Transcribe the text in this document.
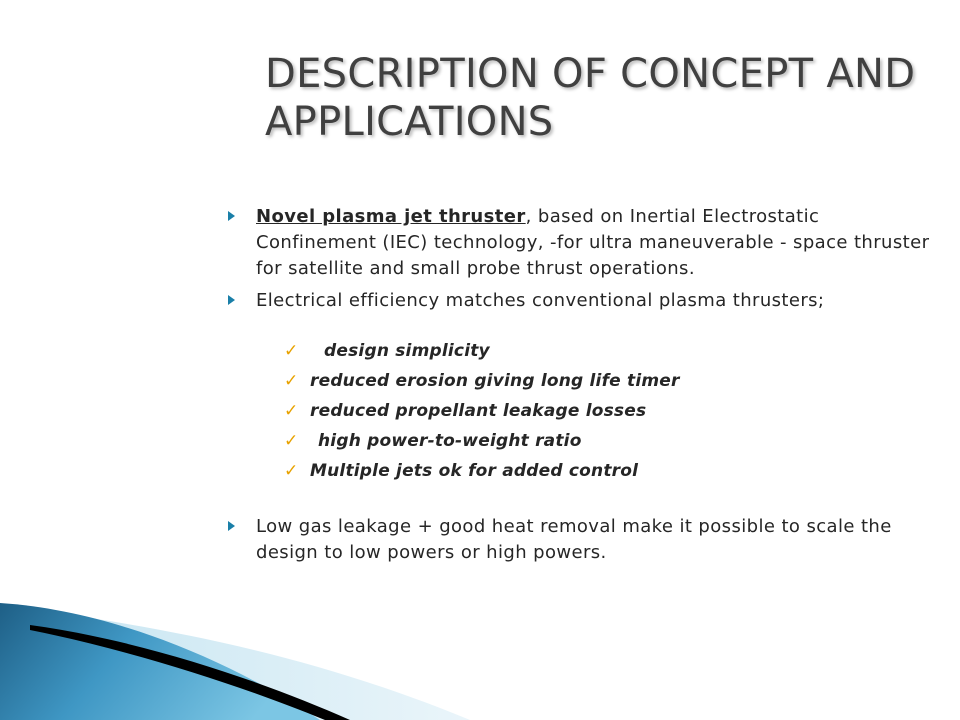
DESCRIPTION OF CONCEPT AND
APPLICATIONS
Novel plasma jet thruster, based on Inertial Electrostatic Confinement (IEC) technology, -for ultra maneuverable - space thruster for satellite and small probe thrust operations.
Electrical efficiency matches conventional plasma thrusters;
✓ design simplicity
✓ reduced erosion giving long life timer
✓ reduced propellant leakage losses
✓ high power-to-weight ratio
✓ Multiple jets ok for added control
Low gas leakage + good heat removal make it possible to scale the design to low powers or high powers.
